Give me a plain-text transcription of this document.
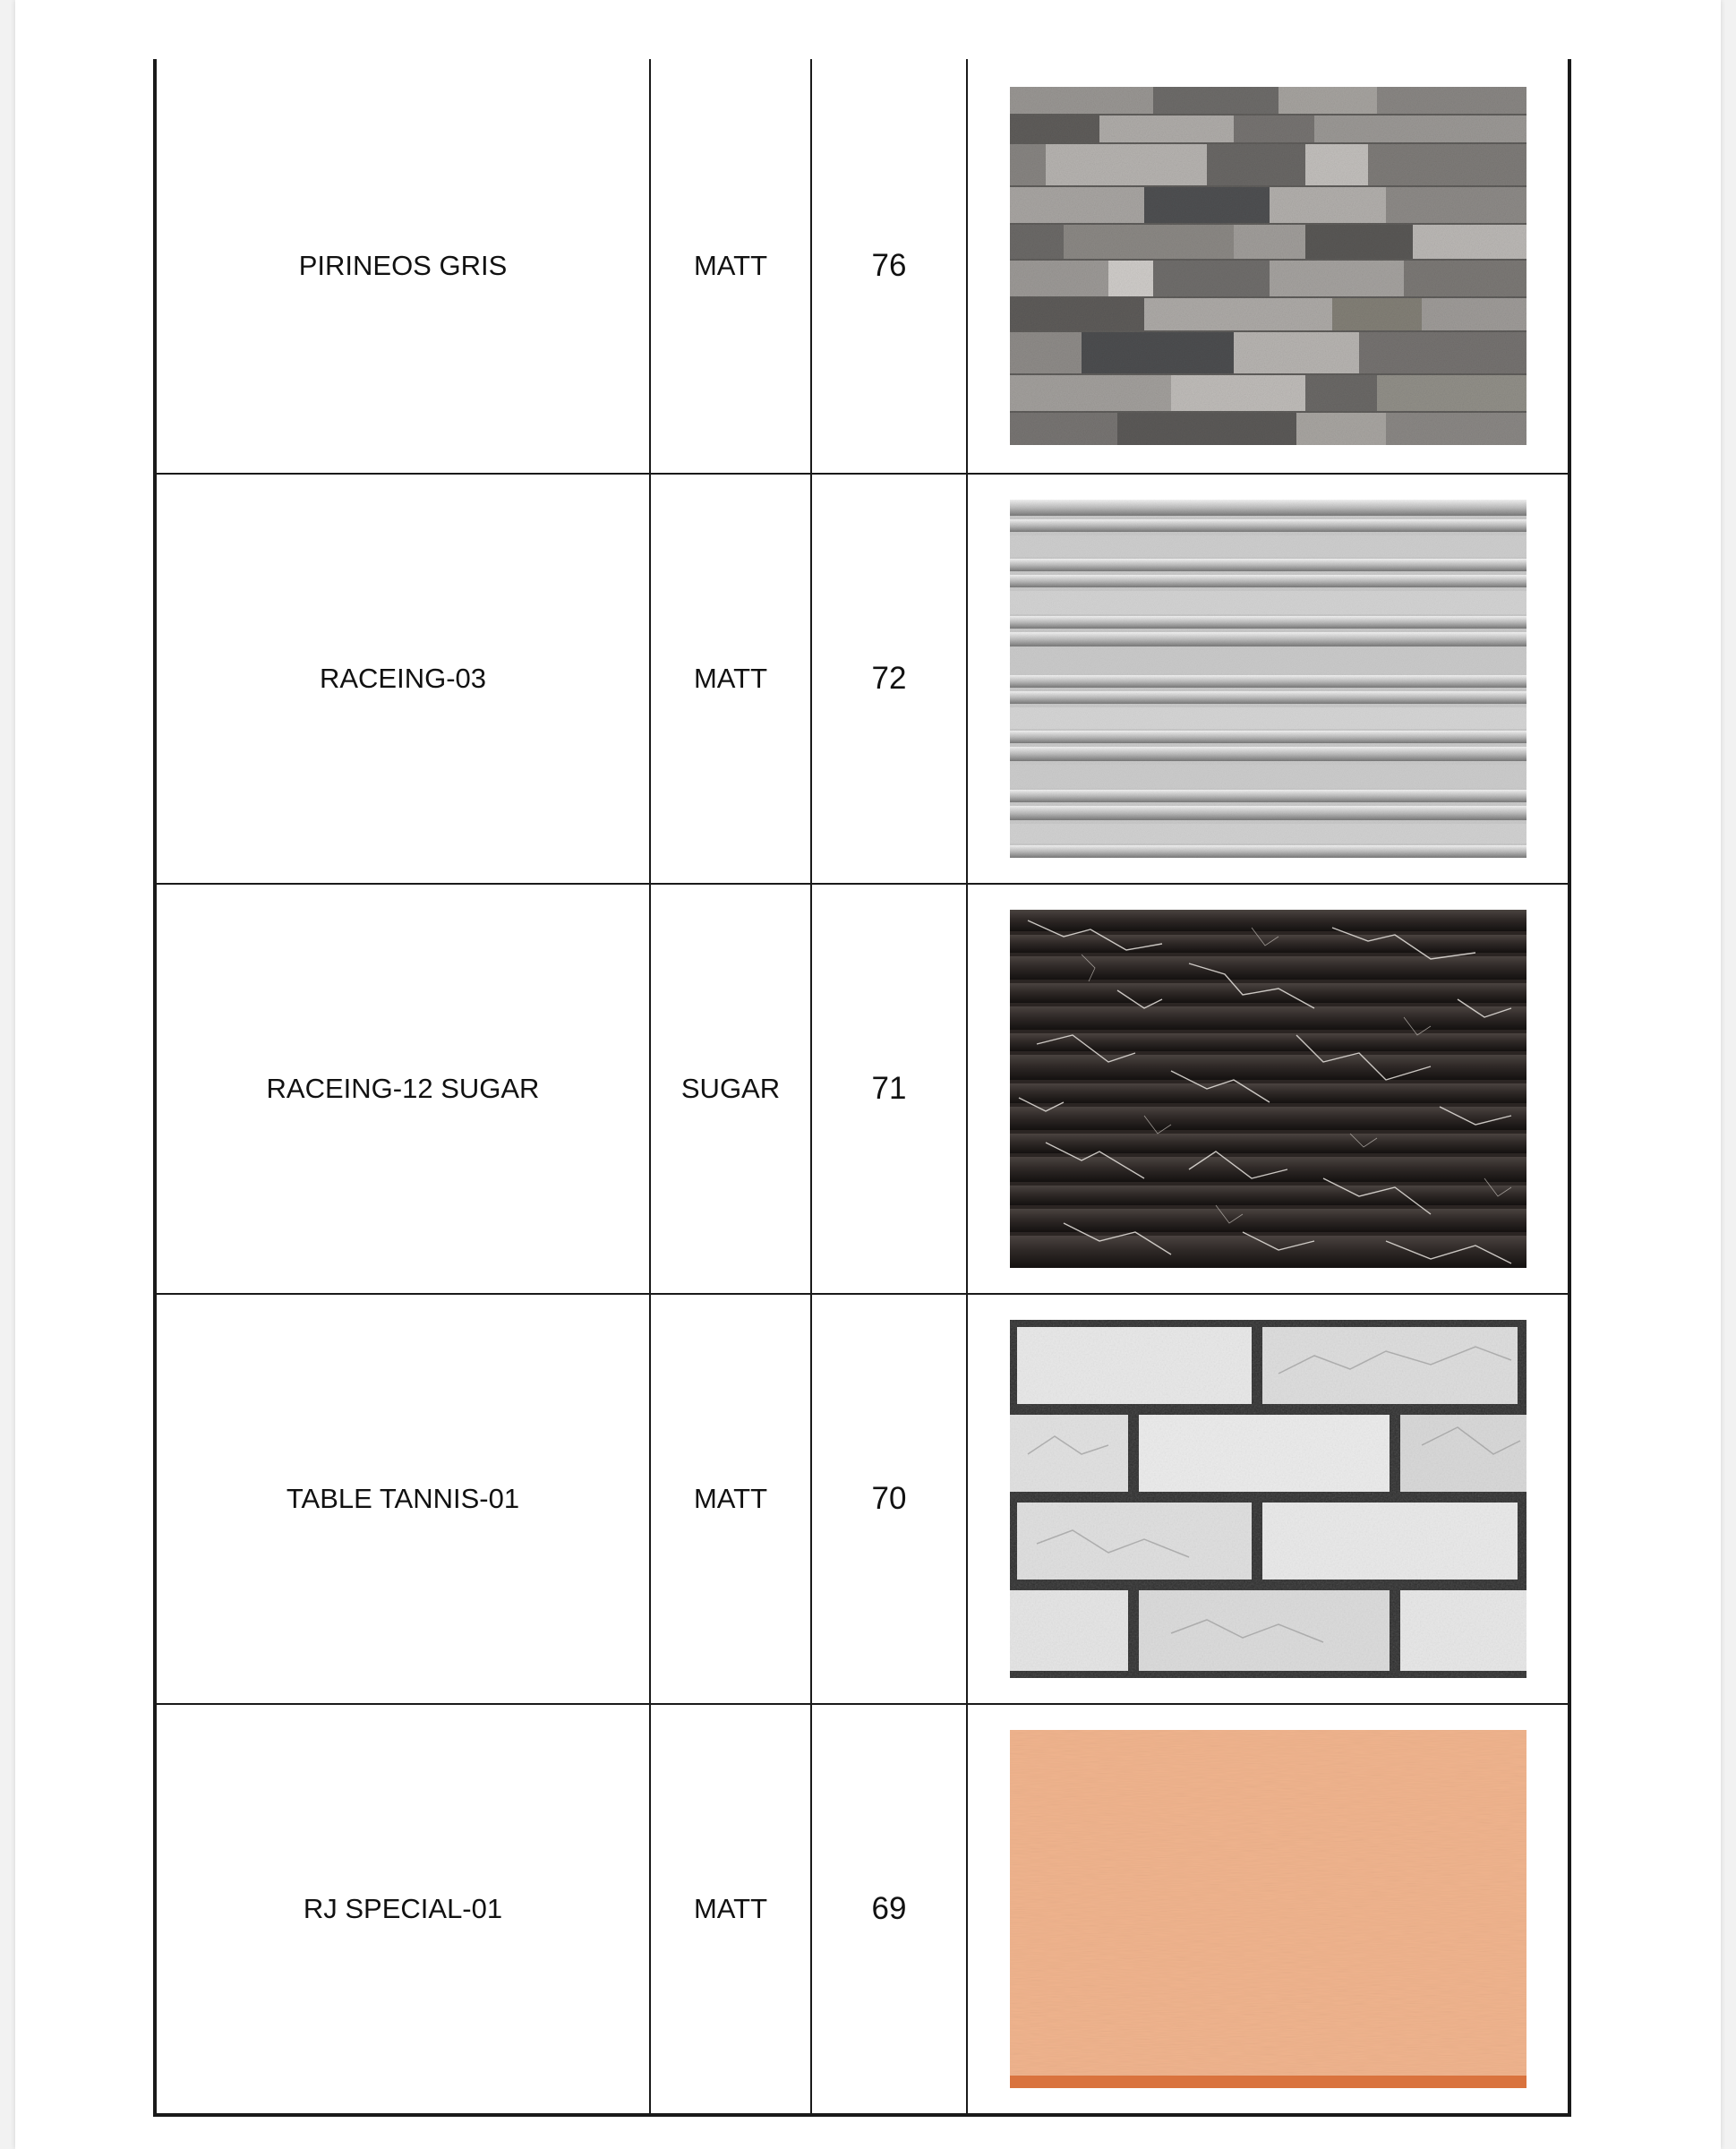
PIRINEOS GRIS	MATT	76
RACEING-03	MATT	72
RACEING-12 SUGAR	SUGAR	71
TABLE TANNIS-01	MATT	70
RJ SPECIAL-01	MATT	69
